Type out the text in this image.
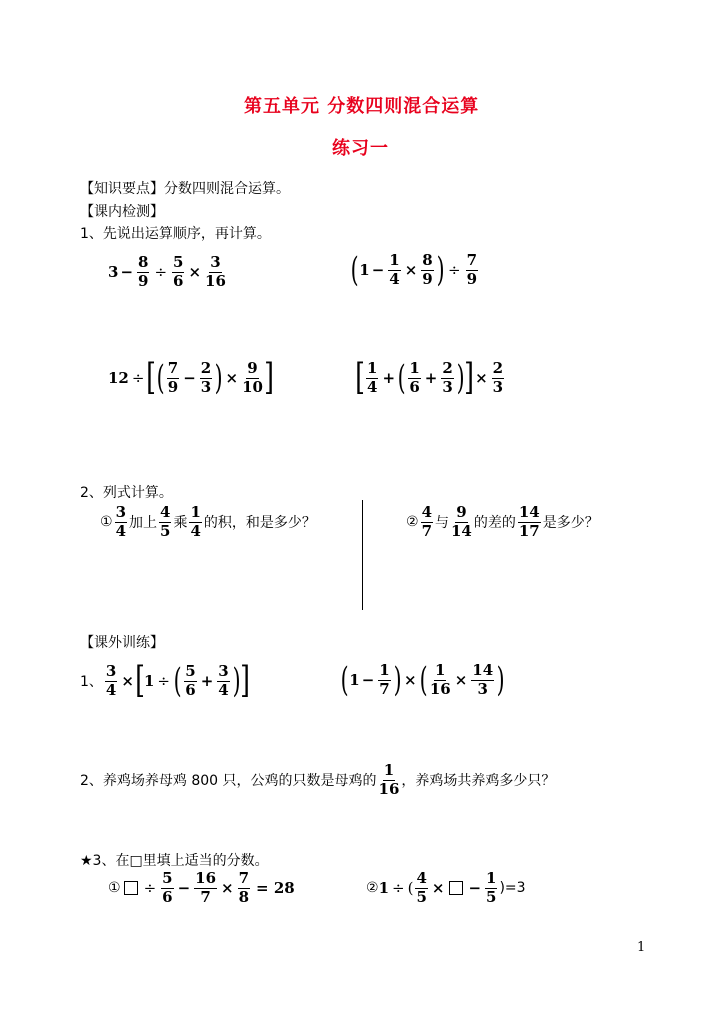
第五单元 分数四则混合运算
练习一
【知识要点】分数四则混合运算。
【课内检测】
1、先说出运算顺序，再计算。
$3 - \frac{8}{9} \div \frac{5}{6} \times \frac{3}{16}$	( $1 - \frac{1}{4} \times \frac{8}{9}$ ) ÷ $\frac{7}{9}$
12 ÷ [ ( $\frac{7}{9} - \frac{2}{3}$ ) × $\frac{9}{10}$ ] [ $\frac{1}{4}$ + ( $\frac{1}{6} + \frac{2}{3}$ ) ] × $\frac{2}{3}$
2、列式计算。
① $\frac{3}{4}$ 加上 $\frac{4}{5}$ 乘 $\frac{1}{4}$ 的积，和是多少？	② $\frac{4}{7}$ 与 $\frac{9}{14}$ 的差的 $\frac{14}{17}$ 是多少？
【课外训练】
1、 $\frac{3}{4}$ × [ 1 ÷ ( $\frac{5}{6} + \frac{3}{4}$ ) ]	( $1 - \frac{1}{7}$ ) × ( $\frac{1}{16} \times \frac{14}{3}$ )
2、养鸡场养母鸡 800 只，公鸡的只数是母鸡的 $\frac{1}{16}$ ，养鸡场共养鸡多少只？
★3、在□里填上适当的分数。
① ÷ $\frac{5}{6} - \frac{16}{7} \times \frac{7}{8} = 28$	② 1 ÷ ( $\frac{4}{5}$ × − $\frac{1}{5} )=3$
1
